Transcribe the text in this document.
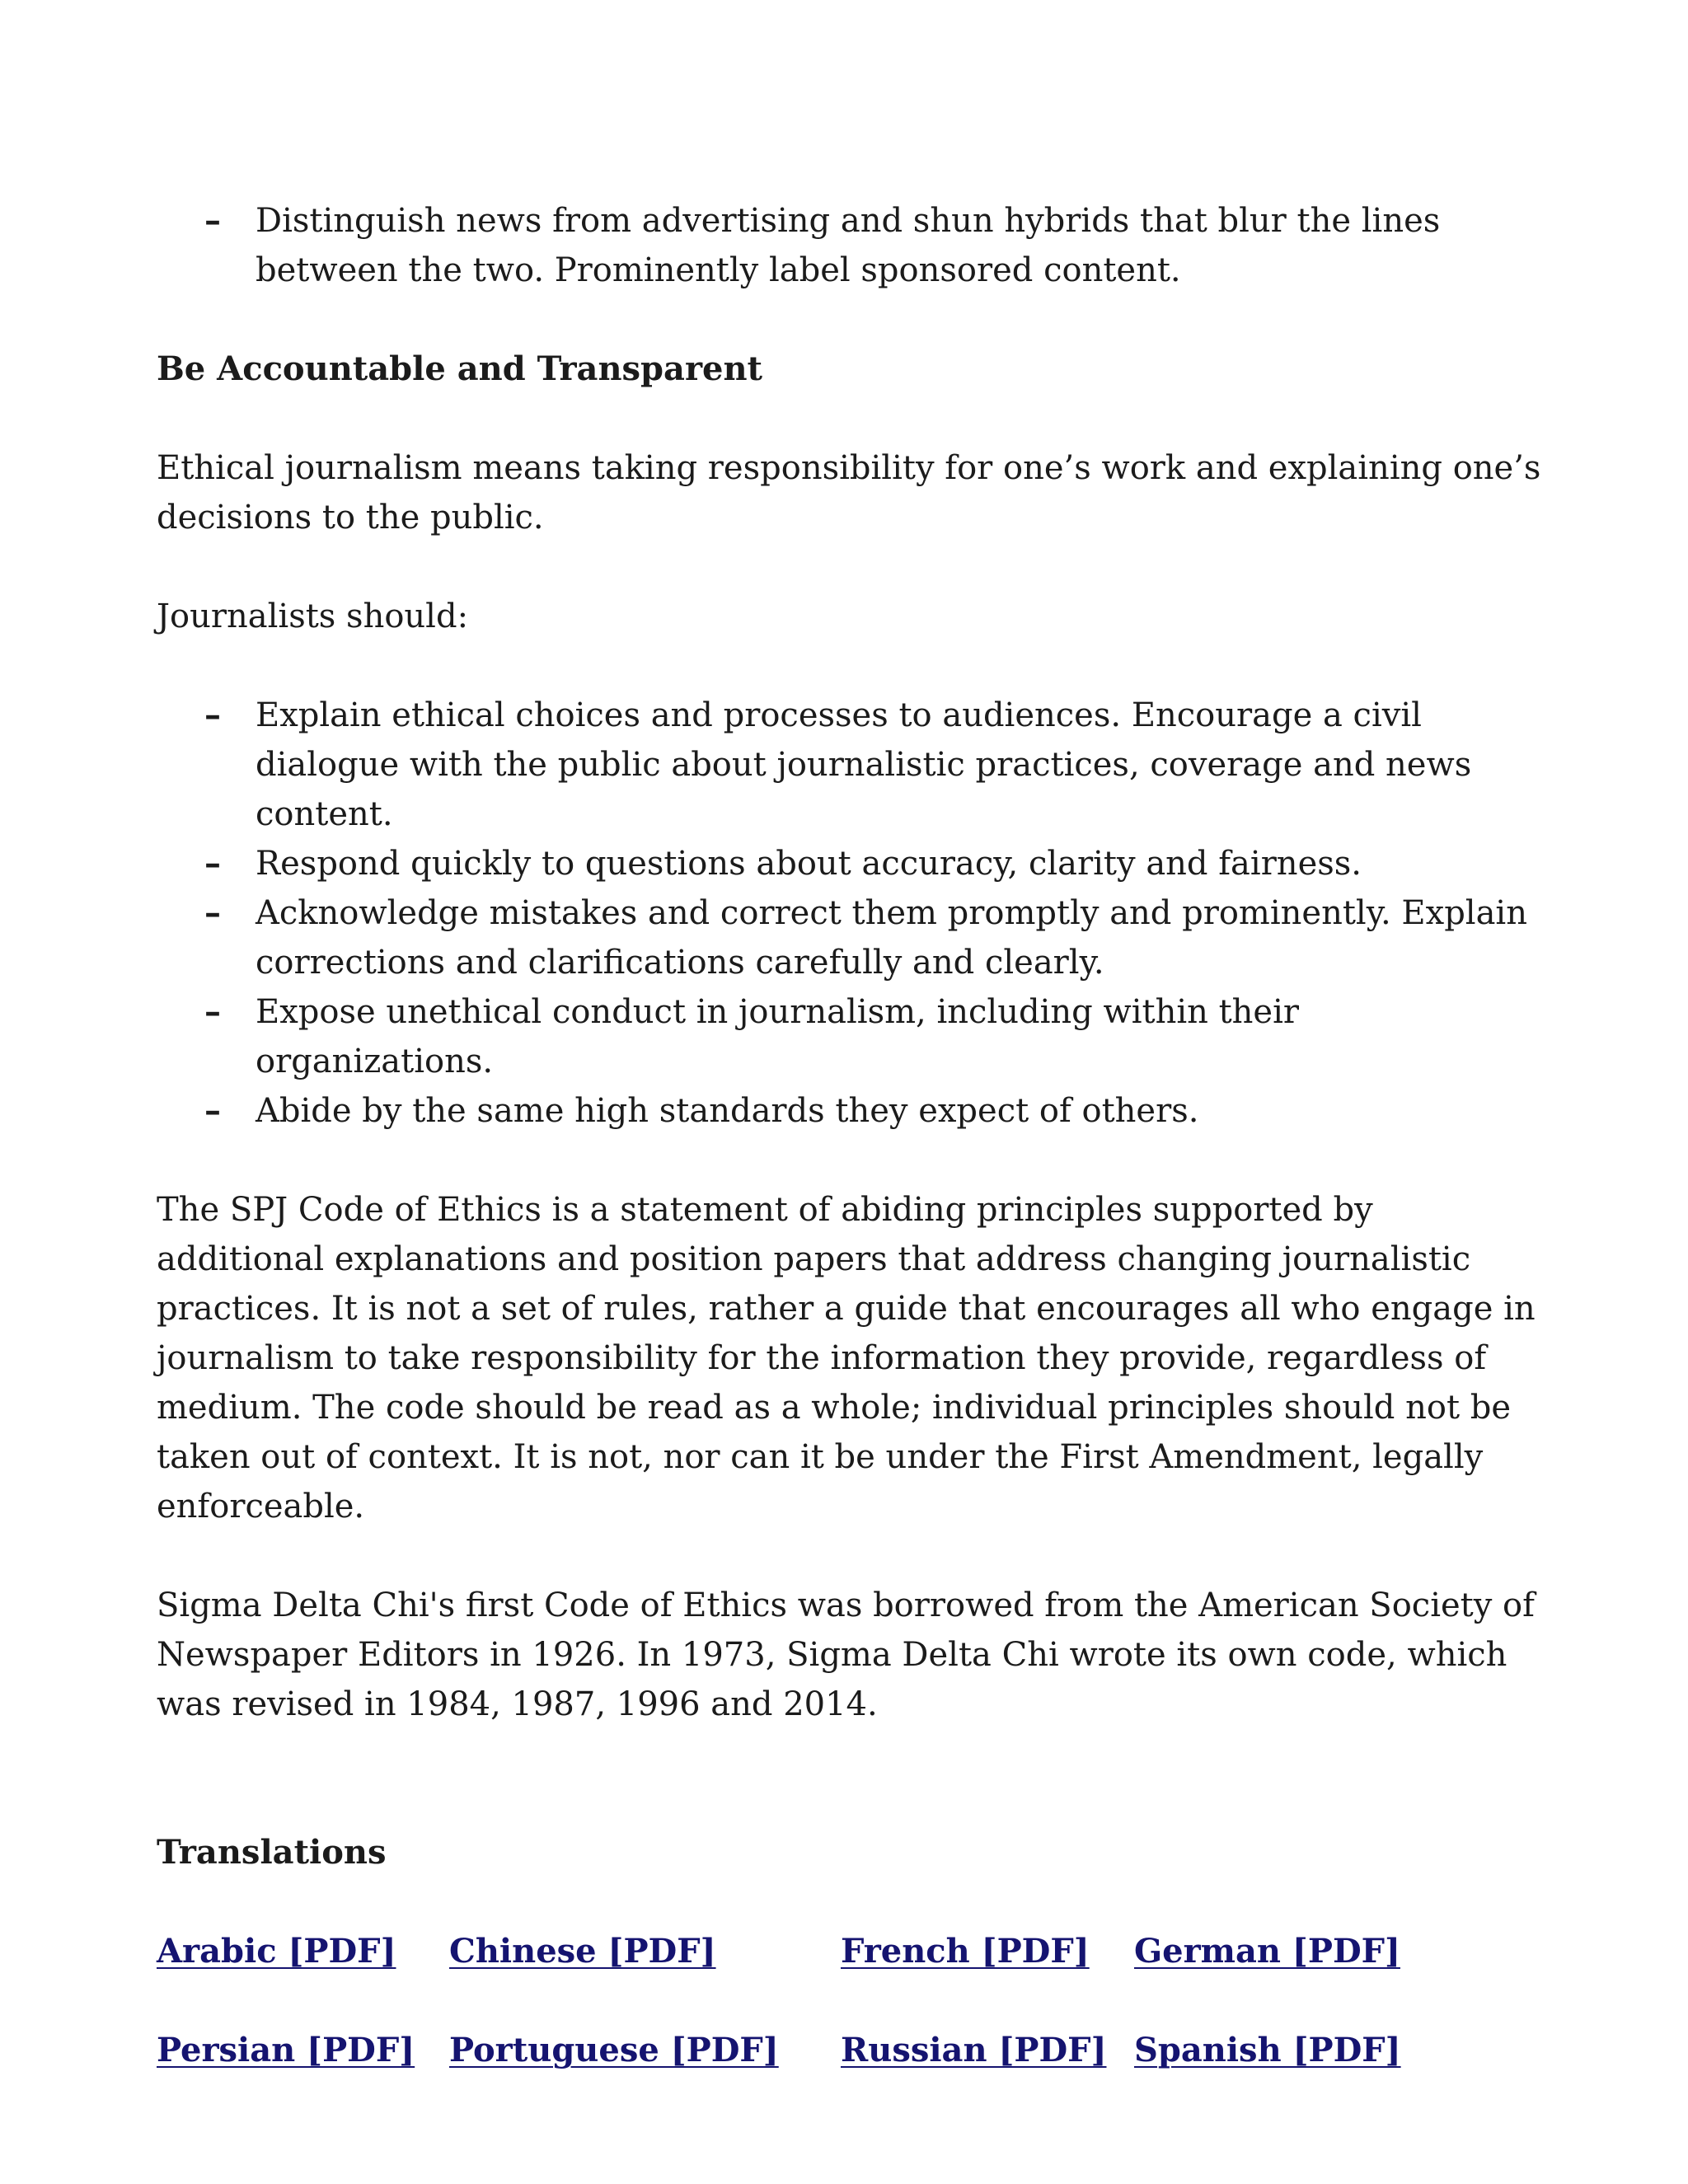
– Distinguish news from advertising and shun hybrids that blur the lines between the two. Prominently label sponsored content.

Be Accountable and Transparent

Ethical journalism means taking responsibility for one’s work and explaining one’s decisions to the public.

Journalists should:

– Explain ethical choices and processes to audiences. Encourage a civil dialogue with the public about journalistic practices, coverage and news content.
– Respond quickly to questions about accuracy, clarity and fairness.
– Acknowledge mistakes and correct them promptly and prominently. Explain corrections and clarifications carefully and clearly.
– Expose unethical conduct in journalism, including within their organizations.
– Abide by the same high standards they expect of others.

The SPJ Code of Ethics is a statement of abiding principles supported by additional explanations and position papers that address changing journalistic practices. It is not a set of rules, rather a guide that encourages all who engage in journalism to take responsibility for the information they provide, regardless of medium. The code should be read as a whole; individual principles should not be taken out of context. It is not, nor can it be under the First Amendment, legally enforceable.

Sigma Delta Chi's first Code of Ethics was borrowed from the American Society of Newspaper Editors in 1926. In 1973, Sigma Delta Chi wrote its own code, which was revised in 1984, 1987, 1996 and 2014.

Translations

Arabic [PDF] Chinese [PDF]	French [PDF] German [PDF]
Persian [PDF] Portuguese [PDF] Russian [PDF] Spanish [PDF]
